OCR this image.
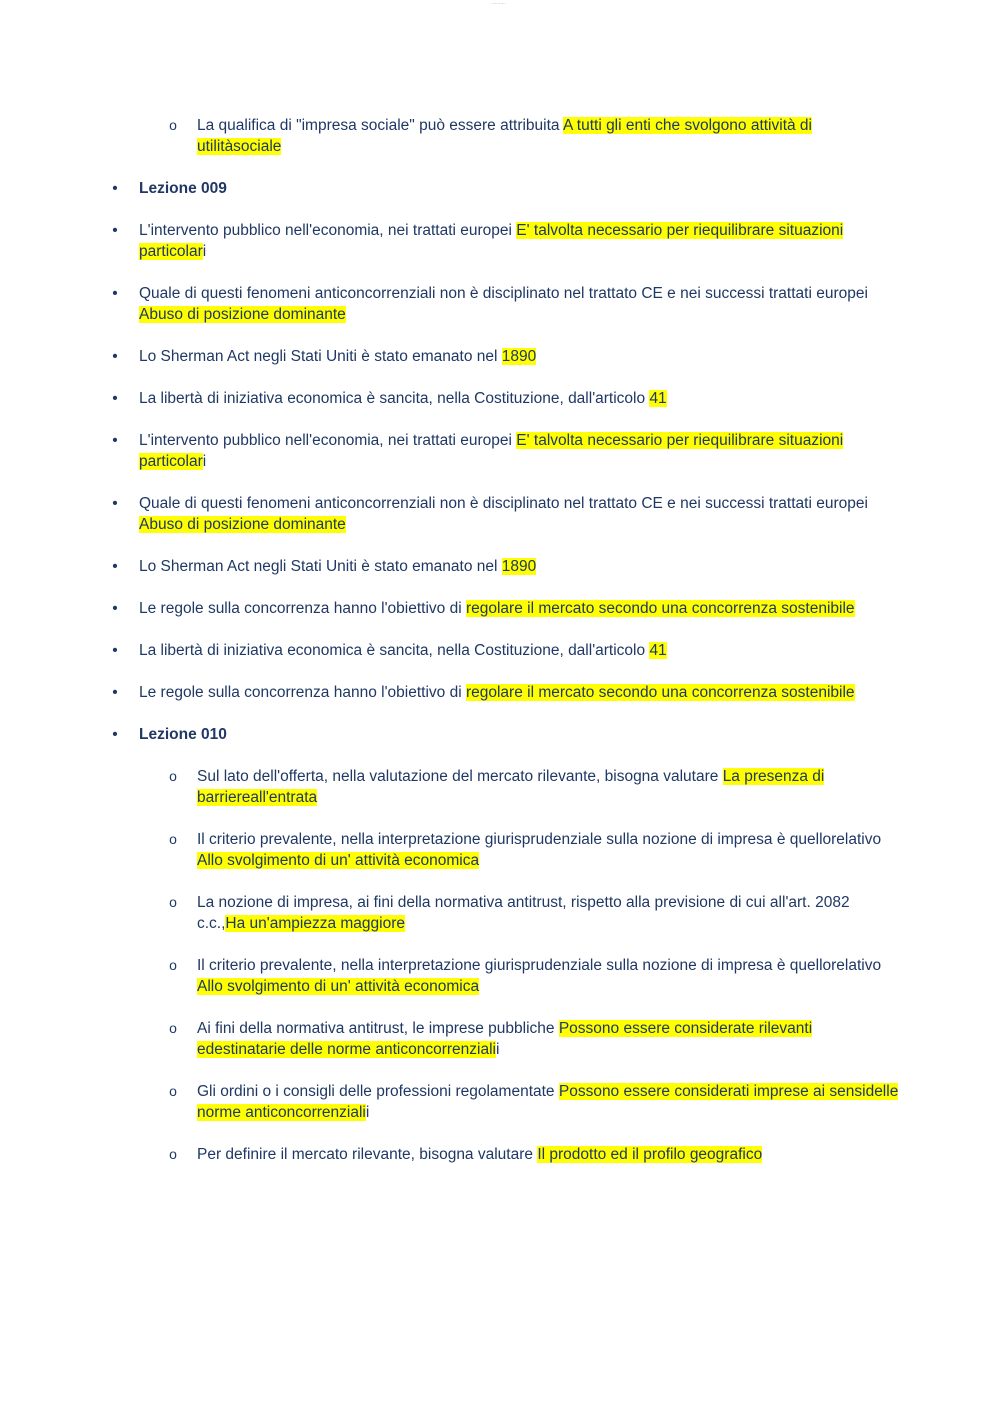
..........
o	La qualifica di "impresa sociale" può essere attribuita A tutti gli enti che svolgono attività di utilitàsociale
•	Lezione 009
•	L'intervento pubblico nell'economia, nei trattati europei E' talvolta necessario per riequilibrare situazioni particolari
•	Quale di questi fenomeni anticoncorrenziali non è disciplinato nel trattato CE e nei successi trattati europei Abuso di posizione dominante
•	Lo Sherman Act negli Stati Uniti è stato emanato nel 1890
•	La libertà di iniziativa economica è sancita, nella Costituzione, dall'articolo 41
•	L'intervento pubblico nell'economia, nei trattati europei E' talvolta necessario per riequilibrare situazioni particolari
•	Quale di questi fenomeni anticoncorrenziali non è disciplinato nel trattato CE e nei successi trattati europei Abuso di posizione dominante
•	Lo Sherman Act negli Stati Uniti è stato emanato nel 1890
•	Le regole sulla concorrenza hanno l'obiettivo di regolare il mercato secondo una concorrenza sostenibile
•	La libertà di iniziativa economica è sancita, nella Costituzione, dall'articolo 41
•	Le regole sulla concorrenza hanno l'obiettivo di regolare il mercato secondo una concorrenza sostenibile
•	Lezione 010
o	Sul lato dell'offerta, nella valutazione del mercato rilevante, bisogna valutare La presenza di barriereall'entrata
o	Il criterio prevalente, nella interpretazione giurisprudenziale sulla nozione di impresa è quellorelativo Allo svolgimento di un' attività economica
o	La nozione di impresa, ai fini della normativa antitrust, rispetto alla previsione di cui all'art. 2082 c.c.,Ha un'ampiezza maggiore
o	Il criterio prevalente, nella interpretazione giurisprudenziale sulla nozione di impresa è quellorelativo Allo svolgimento di un' attività economica
o	Ai fini della normativa antitrust, le imprese pubbliche Possono essere considerate rilevanti edestinatarie delle norme anticoncorrenzialii
o	Gli ordini o i consigli delle professioni regolamentate Possono essere considerati imprese ai sensidelle norme anticoncorrenzialii
o	Per definire il mercato rilevante, bisogna valutare Il prodotto ed il profilo geografico
